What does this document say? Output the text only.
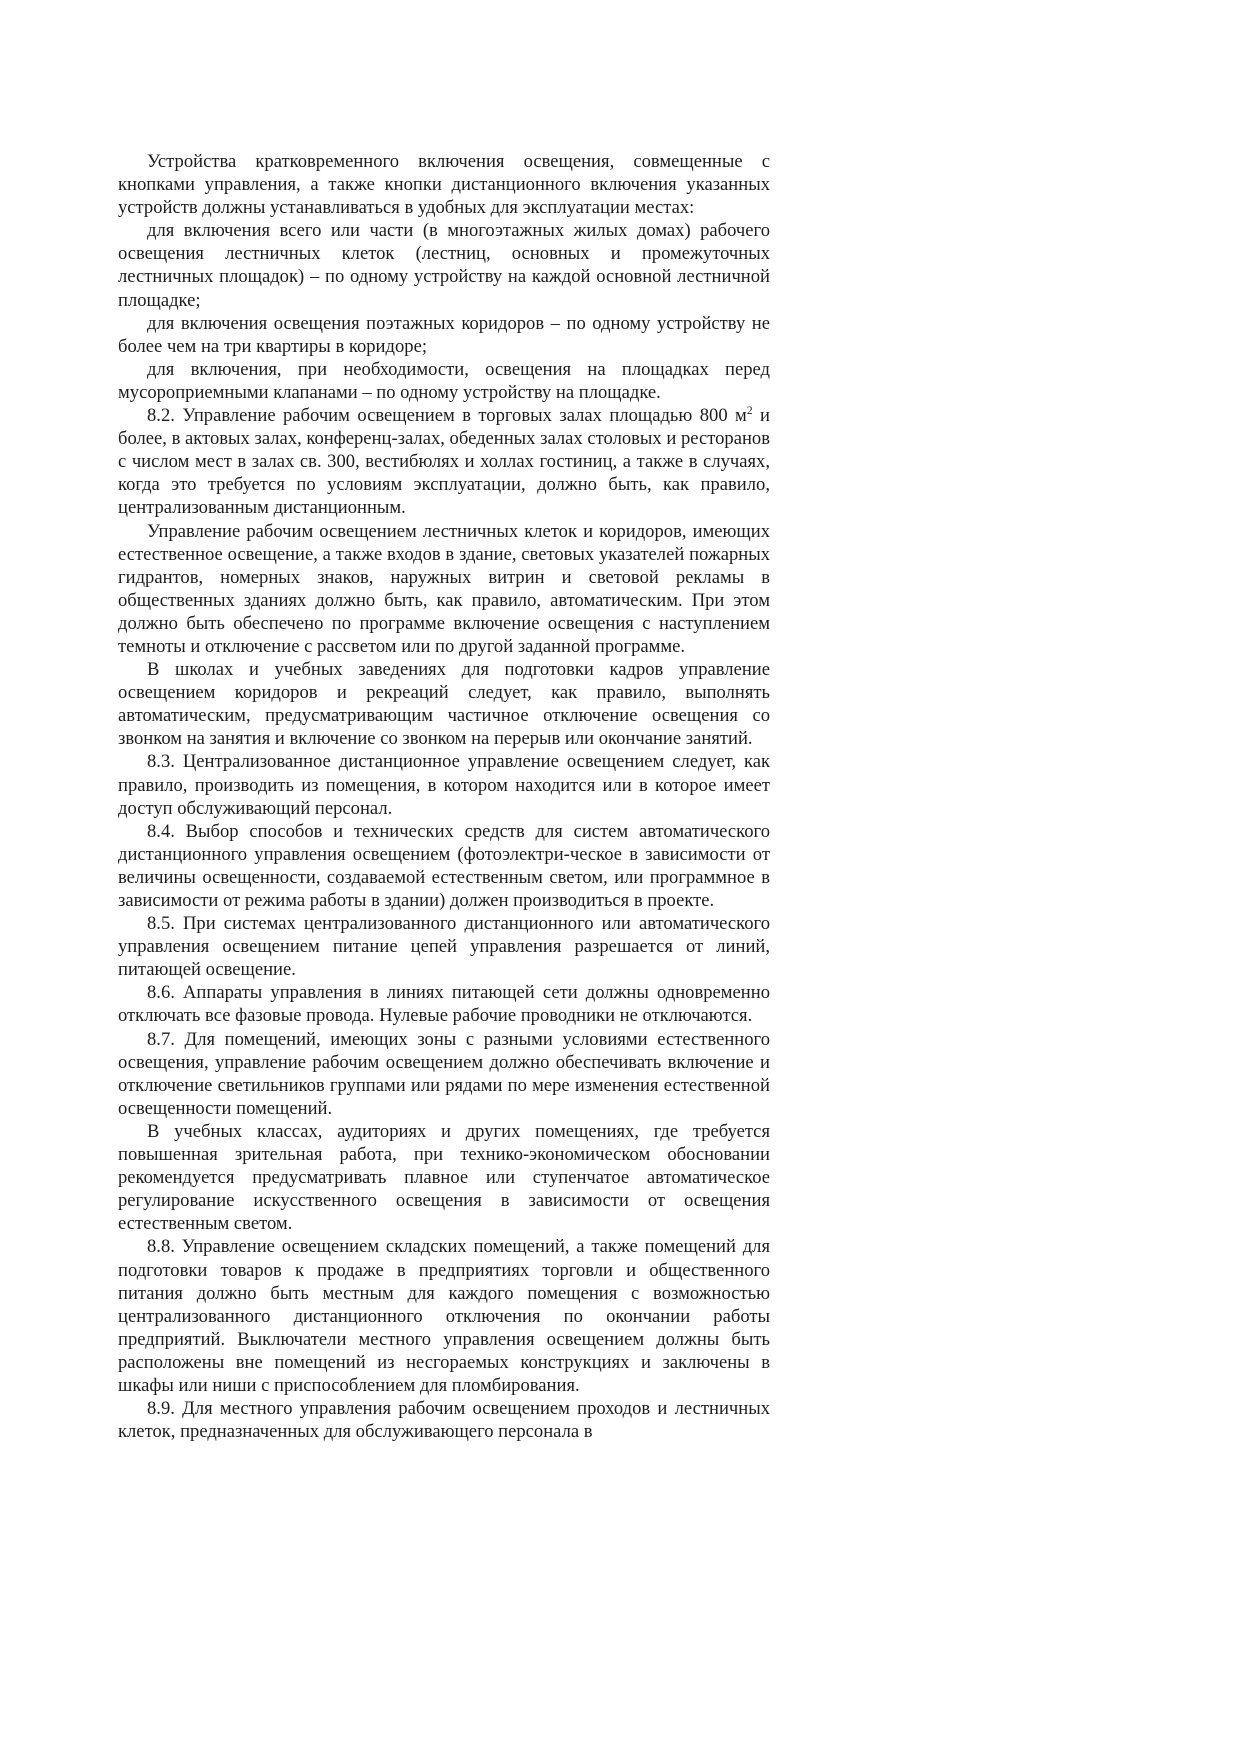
Устройства кратковременного включения освещения, совмещенные с кнопками управления, а также кнопки дистанционного включения указанных устройств должны устанавливаться в удобных для эксплуатации местах:

для включения всего или части (в многоэтажных жилых домах) рабочего освещения лестничных клеток (лестниц, основных и промежуточных лестничных площадок) – по одному устройству на каждой основной лестничной площадке;

для включения освещения поэтажных коридоров – по одному устройству не более чем на три квартиры в коридоре;

для включения, при необходимости, освещения на площадках перед мусороприемными клапанами – по одному устройству на площадке.

8.2. Управление рабочим освещением в торговых залах площадью 800 $м^2$ и более, в актовых залах, конференц-залах, обеденных залах столовых и ресторанов с числом мест в залах св. 300, вестибюлях и холлах гостиниц, а также в случаях, когда это требуется по условиям эксплуатации, должно быть, как правило, централизованным дистанционным.

Управление рабочим освещением лестничных клеток и коридоров, имеющих естественное освещение, а также входов в здание, световых указателей пожарных гидрантов, номерных знаков, наружных витрин и световой рекламы в общественных зданиях должно быть, как правило, автоматическим. При этом должно быть обеспечено по программе включение освещения с наступлением темноты и отключение с рассветом или по другой заданной программе.

В школах и учебных заведениях для подготовки кадров управление освещением коридоров и рекреаций следует, как правило, выполнять автоматическим, предусматривающим частичное отключение освещения со звонком на занятия и включение со звонком на перерыв или окончание занятий.

8.3. Централизованное дистанционное управление освещением следует, как правило, производить из помещения, в котором находится или в которое имеет доступ обслуживающий персонал.

8.4. Выбор способов и технических средств для систем автоматического дистанционного управления освещением (фотоэлектри-ческое в зависимости от величины освещенности, создаваемой естественным светом, или программное в зависимости от режима работы в здании) должен производиться в проекте.

8.5. При системах централизованного дистанционного или автоматического управления освещением питание цепей управления разрешается от линий, питающей освещение.

8.6. Аппараты управления в линиях питающей сети должны одновременно отключать все фазовые провода. Нулевые рабочие проводники не отключаются.

8.7. Для помещений, имеющих зоны с разными условиями естественного освещения, управление рабочим освещением должно обеспечивать включение и отключение светильников группами или рядами по мере изменения естественной освещенности помещений.

В учебных классах, аудиториях и других помещениях, где требуется повышенная зрительная работа, при технико-экономическом обосновании рекомендуется предусматривать плавное или ступенчатое автоматическое регулирование искусственного освещения в зависимости от освещения естественным светом.

8.8. Управление освещением складских помещений, а также помещений для подготовки товаров к продаже в предприятиях торговли и общественного питания должно быть местным для каждого помещения с возможностью централизованного дистанционного отключения по окончании работы предприятий. Выключатели местного управления освещением должны быть расположены вне помещений из несгораемых конструкциях и заключены в шкафы или ниши с приспособлением для пломбирования.

8.9. Для местного управления рабочим освещением проходов и лестничных клеток, предназначенных для обслуживающего персонала в
